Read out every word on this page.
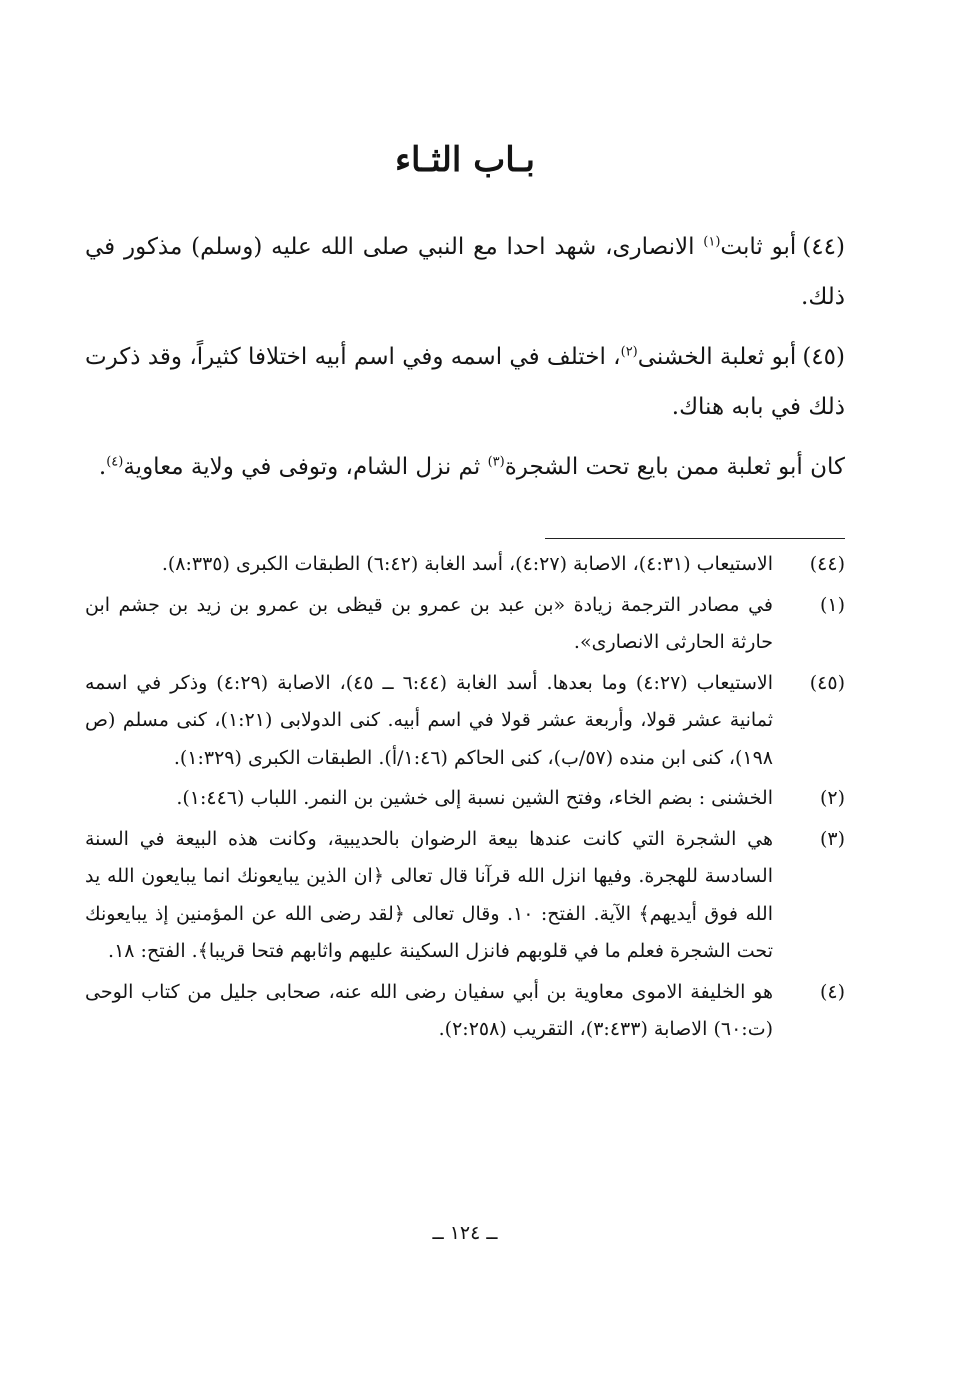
بـاب الثـاء

(٤٤)أبو ثابت$^{(١)}$ الانصارى، شهد احدا مع النبي صلى الله عليه (وسلم) مذكور في ذلك.

(٤٥)أبو ثعلبة الخشنى$^{(٢)}$، اختلف في اسمه وفي اسم أبيه اختلافا كثيراً، وقد ذكرت ذلك في بابه هناك.

كان أبو ثعلبة ممن بايع تحت الشجرة$^{(٣)}$ ثم نزل الشام، وتوفى في ولاية معاوية$^{(٤)}$.

(٤٤)
الاستيعاب (٤:٣١)، الاصابة (٤:٢٧)، أسد الغابة (٦:٤٢) الطبقات الكبرى (٨:٣٣٥).
(١)
في مصادر الترجمة زيادة «بن عبد بن عمرو بن قيظى بن عمرو بن زيد بن جشم ابن حارثة الحارثى الانصارى».
(٤٥)
الاستيعاب (٤:٢٧) وما بعدها. أسد الغابة (٦:٤٤ ــ ٤٥)، الاصابة (٤:٢٩) وذكر في اسمه ثمانية عشر قولا، وأربعة عشر قولا في اسم أبيه. كنى الدولابى (١:٢١)، كنى مسلم (ص ١٩٨)، كنى ابن منده (٥٧/ب)، كنى الحاكم (١:٤٦/أ). الطبقات الكبرى (١:٣٢٩).
(٢)
الخشنى : بضم الخاء، وفتح الشين نسبة إلى خشين بن النمر. اللباب (١:٤٤٦).
(٣)
هي الشجرة التي كانت عندها بيعة الرضوان بالحديبية، وكانت هذه البيعة في السنة السادسة للهجرة. وفيها انزل الله قرآنا قال تعالى ﴿ان الذين يبايعونك انما يبايعون الله يد الله فوق أيديهم﴾ الآية. الفتح: ١٠. وقال تعالى ﴿لقد رضى الله عن المؤمنين إذ يبايعونك تحت الشجرة فعلم ما في قلوبهم فانزل السكينة عليهم واثابهم فتحا قريبا﴾. الفتح: ١٨.
(٤)
هو الخليفة الاموى معاوية بن أبي سفيان رضى الله عنه، صحابى جليل من كتاب الوحى (ت:٦٠) الاصابة (٣:٤٣٣)، التقريب (٢:٢٥٨).
ــ ١٢٤ ــ
